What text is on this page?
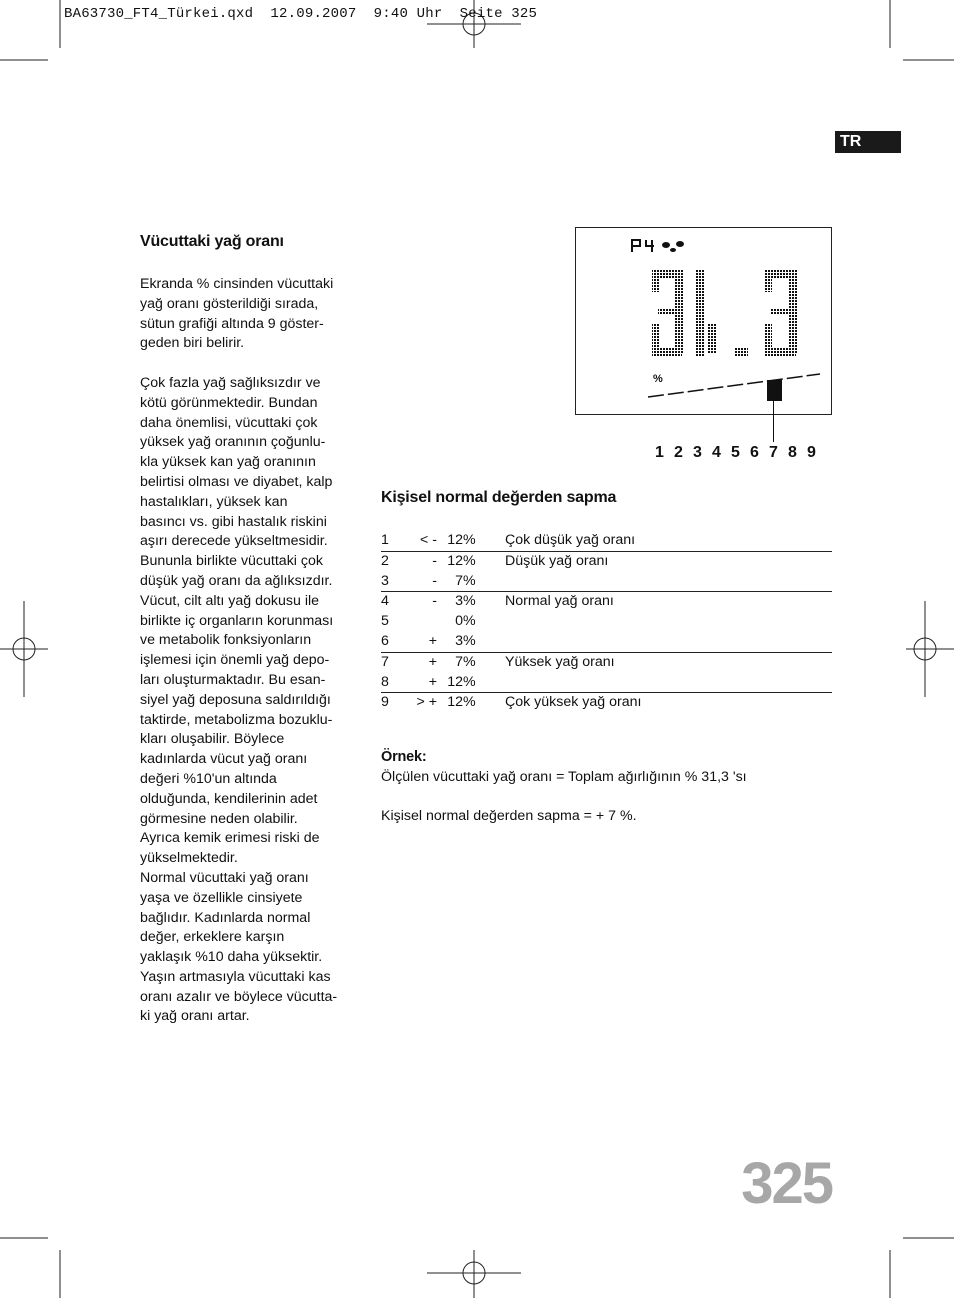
BA63730_FT4_Türkei.qxd  12.09.2007  9:40 Uhr  Seite 325
TR
Vücuttaki yağ oranı

Ekranda % cinsinden vücuttaki
yağ oranı gösterildiği sırada,
sütun grafiği altında 9 göster-
geden biri belirir.

Çok fazla yağ sağlıksızdır ve
kötü görünmektedir. Bundan
daha önemlisi, vücuttaki çok
yüksek yağ oranının çoğunlu-
kla yüksek kan yağ oranının
belirtisi olması ve diyabet, kalp
hastalıkları, yüksek kan
basıncı vs. gibi hastalık riskini
aşırı derecede yükseltmesidir.
Bununla birlikte vücuttaki çok
düşük yağ oranı da ağlıksızdır.
Vücut, cilt altı yağ dokusu ile
birlikte iç organların korunması
ve metabolik fonksiyonların
işlemesi için önemli yağ depo-
ları oluşturmaktadır. Bu esan-
siyel yağ deposuna saldırıldığı
taktirde, metabolizma bozuklu-
kları oluşabilir. Böylece
kadınlarda vücut yağ oranı
değeri %10'un altında
olduğunda, kendilerinin adet
görmesine neden olabilir.
Ayrıca kemik erimesi riski de
yükselmektedir.

Normal vücuttaki yağ oranı
yaşa ve özellikle cinsiyete
bağlıdır. Kadınlarda normal
değer, erkeklere karşın
yaklaşık %10 daha yüksektir.
Yaşın artmasıyla vücuttaki kas
oranı azalır ve böylece vücutta-
ki yağ oranı artar.

%
1 2 3 4 5 6 7 8 9
Kişisel normal değerden sapma
1	< -	12	%	Çok düşük yağ oranı
2	-	12	%	Düşük yağ oranı
3	-	7	%	
4	-	3	%	Normal yağ oranı
5		0	%	
6	+	3	%	
7	+	7	%	Yüksek yağ oranı
8	+	12	%	
9	> +	12	%	Çok yüksek yağ oranı
Örnek:
Ölçülen vücuttaki yağ oranı = Toplam ağırlığının % 31,3 'sı
Kişisel normal değerden sapma = + 7 %.
325
